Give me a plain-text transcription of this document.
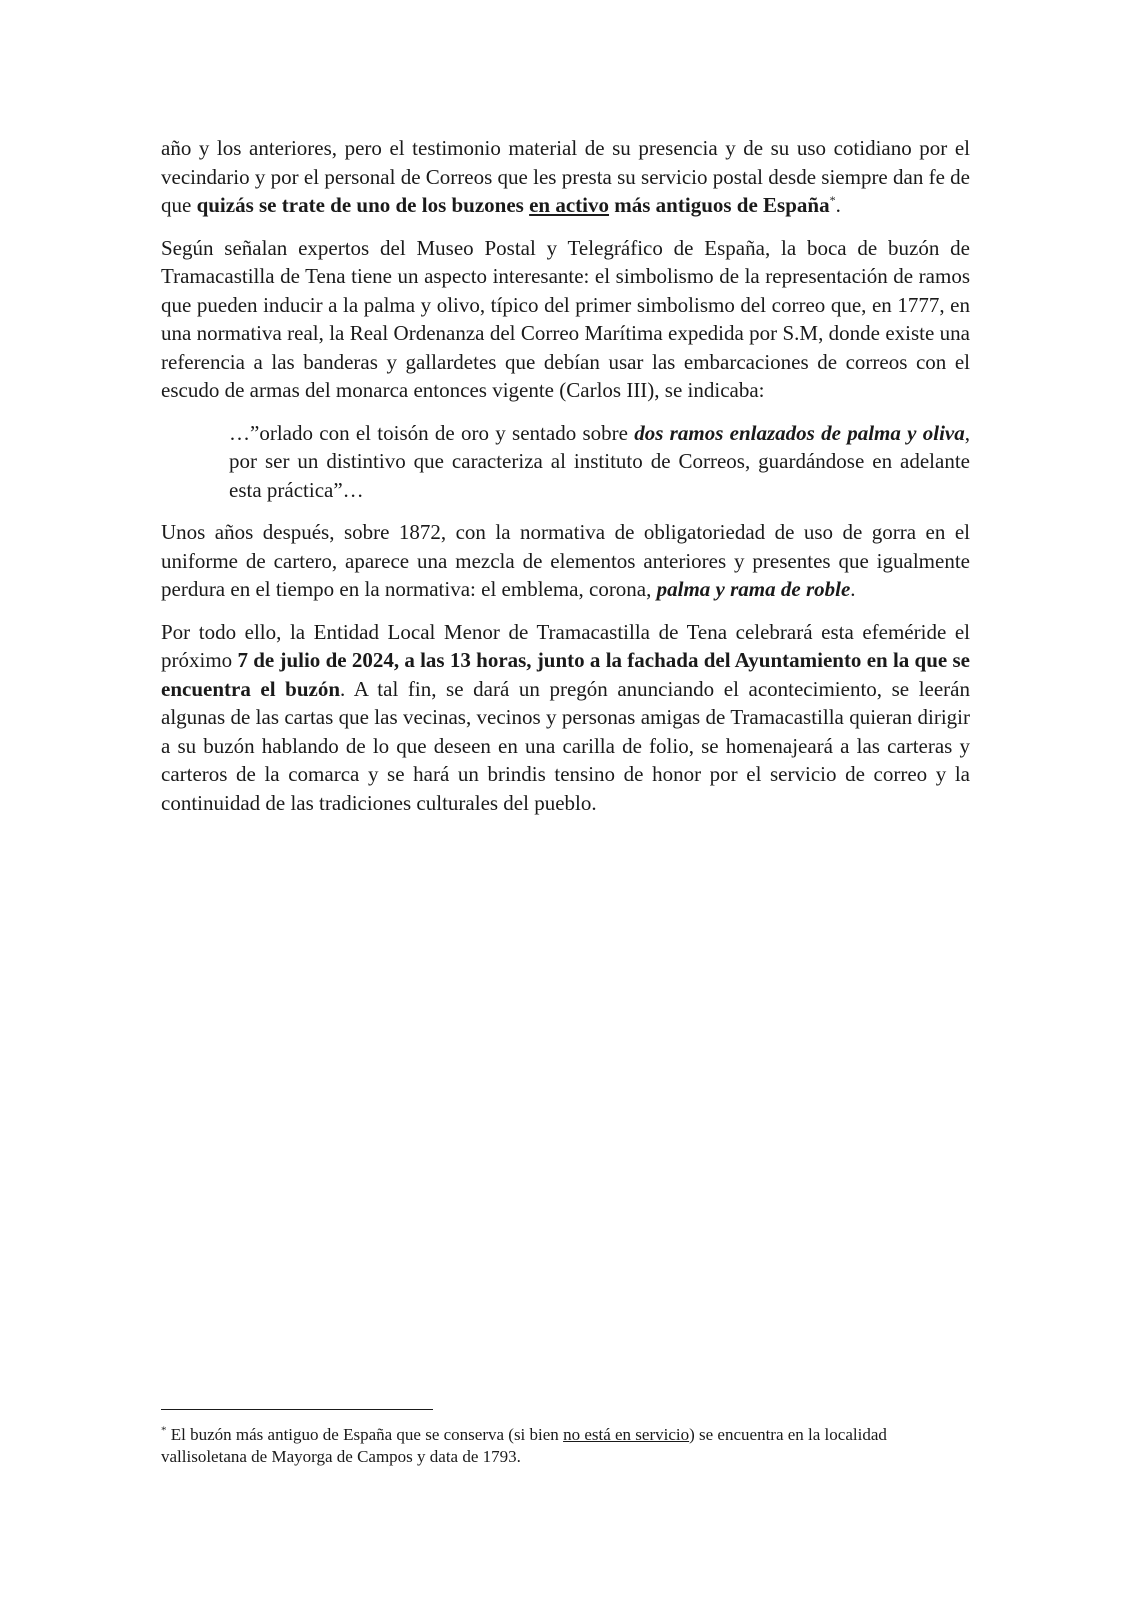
año y los anteriores, pero el testimonio material de su presencia y de su uso cotidiano por el vecindario y por el personal de Correos que les presta su servicio postal desde siempre dan fe de que quizás se trate de uno de los buzones en activo más antiguos de España*.

Según señalan expertos del Museo Postal y Telegráfico de España, la boca de buzón de Tramacastilla de Tena tiene un aspecto interesante: el simbolismo de la representación de ramos que pueden inducir a la palma y olivo, típico del primer simbolismo del correo que, en 1777, en una normativa real, la Real Ordenanza del Correo Marítima expedida por S.M, donde existe una referencia a las banderas y gallardetes que debían usar las embarcaciones de correos con el escudo de armas del monarca entonces vigente (Carlos III), se indicaba:

…”orlado con el toisón de oro y sentado sobre dos ramos enlazados de palma y oliva, por ser un distintivo que caracteriza al instituto de Correos, guardándose en adelante esta práctica”…

Unos años después, sobre 1872, con la normativa de obligatoriedad de uso de gorra en el uniforme de cartero, aparece una mezcla de elementos anteriores y presentes que igualmente perdura en el tiempo en la normativa: el emblema, corona, palma y rama de roble.

Por todo ello, la Entidad Local Menor de Tramacastilla de Tena celebrará esta efeméride el próximo 7 de julio de 2024, a las 13 horas, junto a la fachada del Ayuntamiento en la que se encuentra el buzón. A tal fin, se dará un pregón anunciando el acontecimiento, se leerán algunas de las cartas que las vecinas, vecinos y personas amigas de Tramacastilla quieran dirigir a su buzón hablando de lo que deseen en una carilla de folio, se homenajeará a las carteras y carteros de la comarca y se hará un brindis tensino de honor por el servicio de correo y la continuidad de las tradiciones culturales del pueblo.

* El buzón más antiguo de España que se conserva (si bien no está en servicio) se encuentra en la localidad vallisoletana de Mayorga de Campos y data de 1793.
